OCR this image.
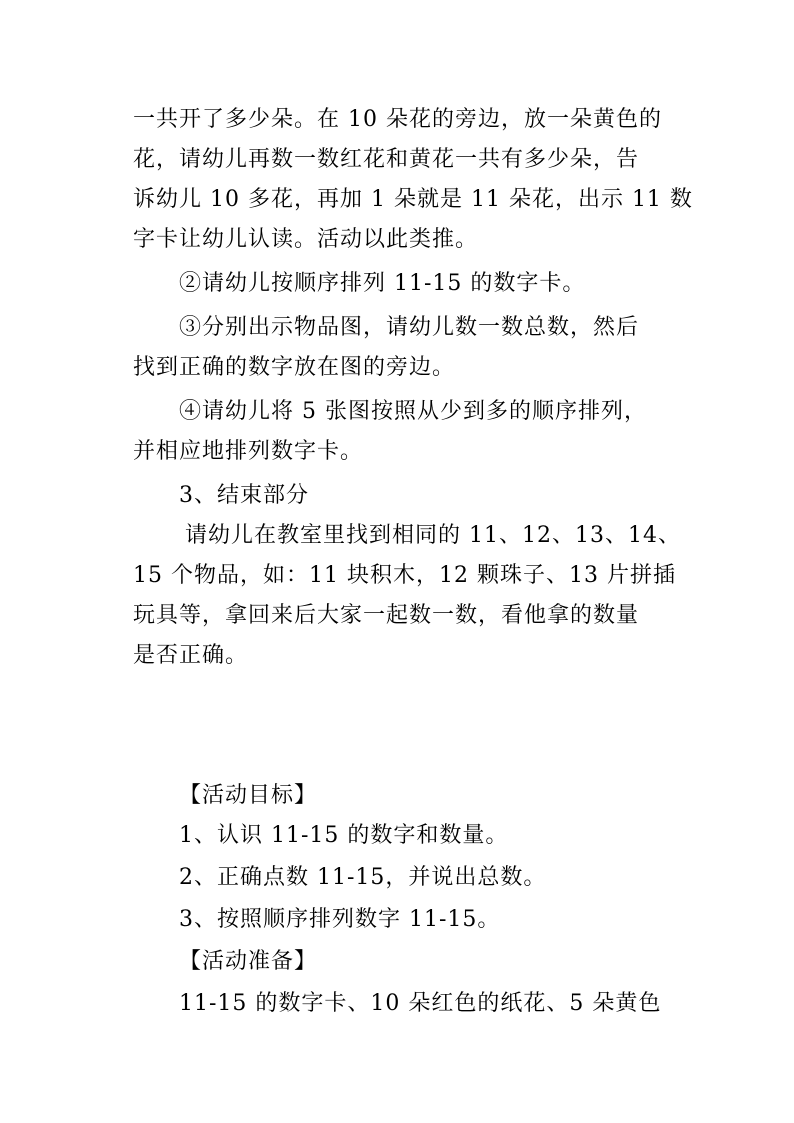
一共开了多少朵。在 10 朵花的旁边，放一朵黄色的
花，请幼儿再数一数红花和黄花一共有多少朵，告
诉幼儿 10 多花，再加 1 朵就是 11 朵花，出示 11 数
字卡让幼儿认读。活动以此类推。
②请幼儿按顺序排列 11-15 的数字卡。
③分别出示物品图，请幼儿数一数总数，然后
找到正确的数字放在图的旁边。
④请幼儿将 5 张图按照从少到多的顺序排列，
并相应地排列数字卡。
3、结束部分
请幼儿在教室里找到相同的 11、12、13、14、
15 个物品，如：11 块积木，12 颗珠子、13 片拼插
玩具等，拿回来后大家一起数一数，看他拿的数量
是否正确。
【活动目标】
1、认识 11-15 的数字和数量。
2、正确点数 11-15，并说出总数。
3、按照顺序排列数字 11-15。
【活动准备】
11-15 的数字卡、10 朵红色的纸花、5 朵黄色
